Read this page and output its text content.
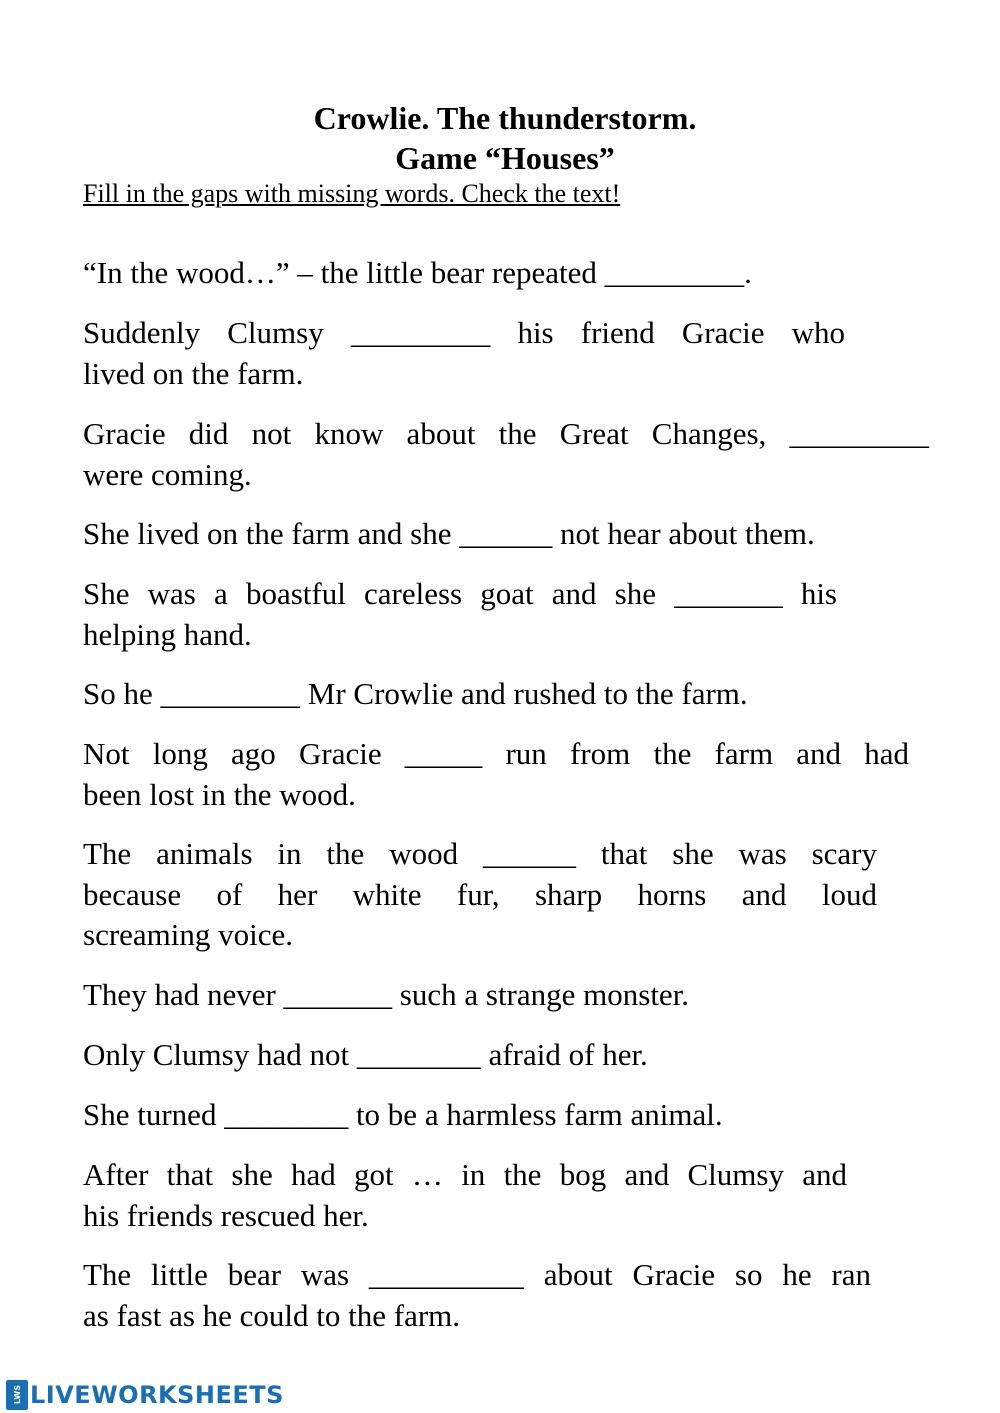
Crowlie. The thunderstorm.

Game “Houses”

Fill in the gaps with missing words. Check the text!
“In the wood…” – the little bear repeated _________.
Suddenly Clumsy _________ his friend Gracie who
lived on the farm.
Gracie did not know about the Great Changes, _________
were coming.
She lived on the farm and she ______ not hear about them.
She was a boastful careless goat and she _______ his
helping hand.
So he _________ Mr Crowlie and rushed to the farm.
Not long ago Gracie _____ run from the farm and had
been lost in the wood.
The animals in the wood ______ that she was scary
because of her white fur, sharp horns and loud
screaming voice.
They had never _______ such a strange monster.
Only Clumsy had not ________ afraid of her.
She turned ________ to be a harmless farm animal.
After that she had got … in the bog and Clumsy and
his friends rescued her.
The little bear was __________ about Gracie so he ran
as fast as he could to the farm.
LWS LIVEWORKSHEETS
